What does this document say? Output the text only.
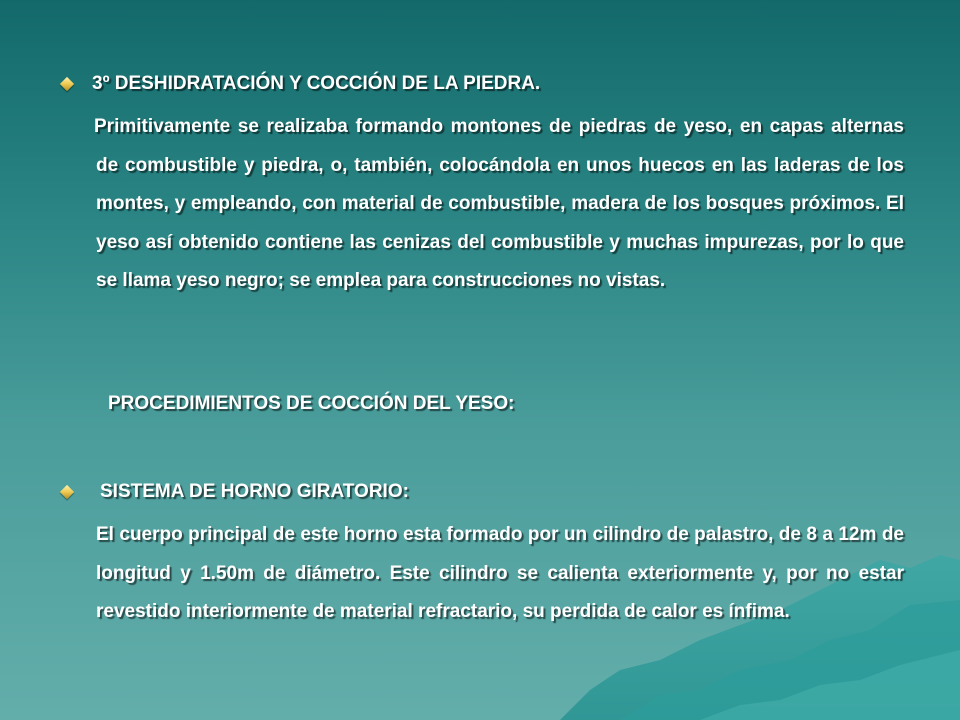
3º DESHIDRATACIÓN Y COCCIÓN DE LA PIEDRA.
Primitivamente se realizaba formando montones de piedras de yeso, en capas alternas de combustible y piedra, o, también, colocándola en unos huecos en las laderas de los montes, y empleando, con material de combustible, madera de los bosques próximos. El yeso así obtenido contiene las cenizas del combustible y muchas impurezas, por lo que se llama yeso negro; se emplea para construcciones no vistas.
PROCEDIMIENTOS DE COCCIÓN DEL YESO:
SISTEMA DE HORNO GIRATORIO:
El cuerpo principal de este horno esta formado por un cilindro de palastro, de 8 a 12m de longitud y 1.50m de diámetro. Este cilindro se calienta exteriormente y, por no estar revestido interiormente de material refractario, su perdida de calor es ínfima.
